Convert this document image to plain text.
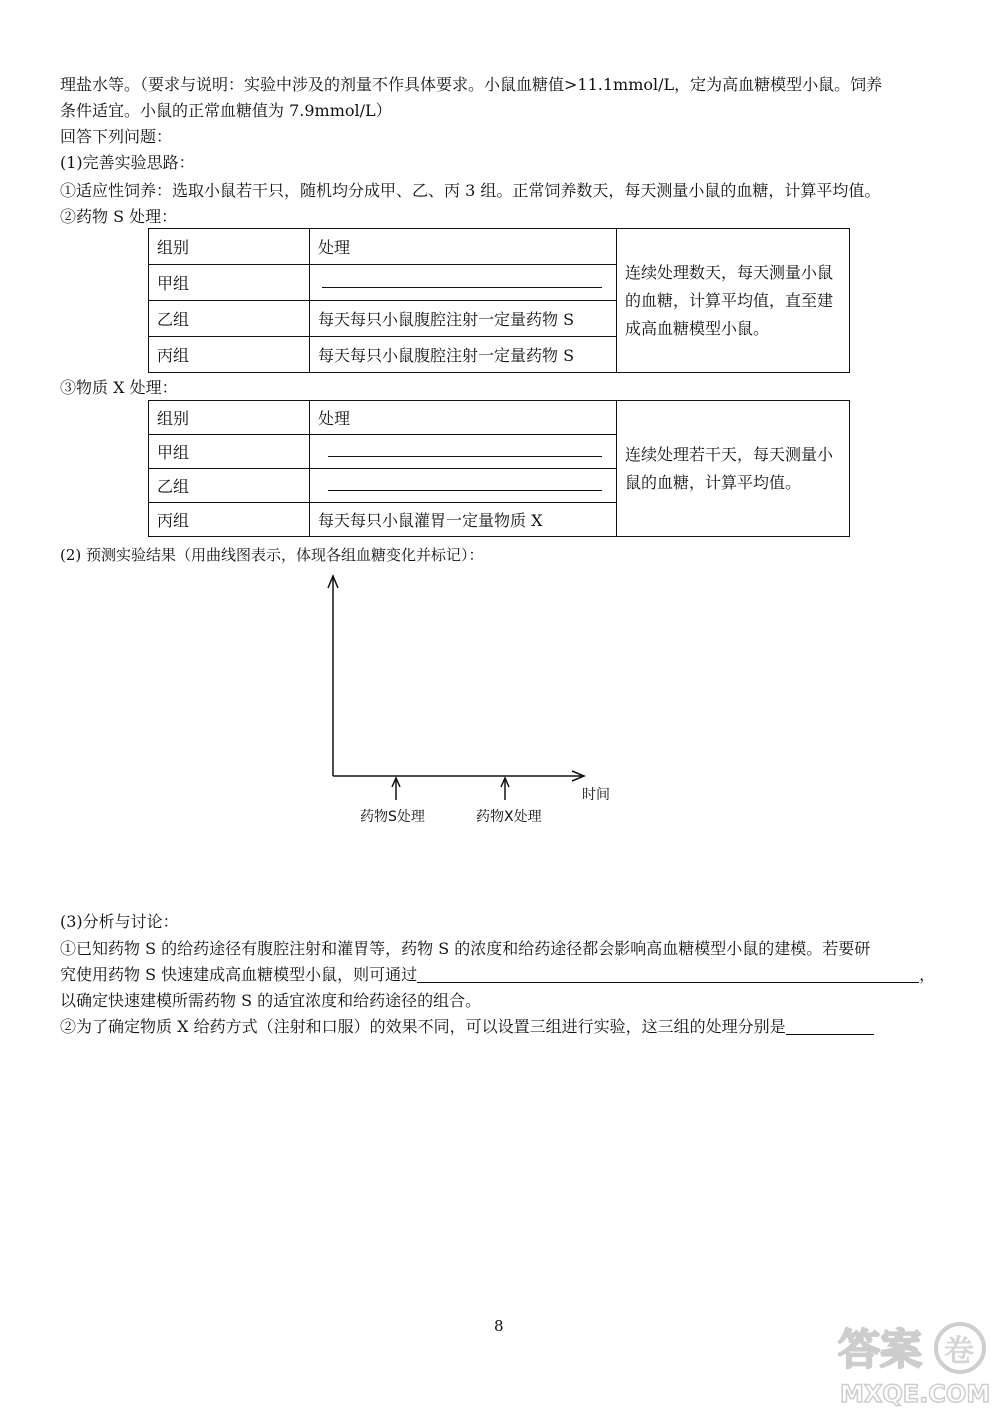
理盐水等。（要求与说明：实验中涉及的剂量不作具体要求。小鼠血糖值>11.1mmol/L，定为高血糖模型小鼠。饲养
条件适宜。小鼠的正常血糖值为 7.9mmol/L）
回答下列问题：
(1)完善实验思路：
①适应性饲养：选取小鼠若干只，随机均分成甲、乙、丙 3 组。正常饲养数天，每天测量小鼠的血糖，计算平均值。
②药物 S 处理：
组别	处理	连续处理数天，每天测量小鼠的血糖，计算平均值，直至建成高血糖模型小鼠。
甲组		

乙组	每天每只小鼠腹腔注射一定量药物 S	
丙组	每天每只小鼠腹腔注射一定量药物 S	
③物质 X 处理：
组别	处理	连续处理若干天，每天测量小鼠的血糖，计算平均值。
甲组		

乙组		

丙组	每天每只小鼠灌胃一定量物质 X	
(2) 预测实验结果（用曲线图表示，体现各组血糖变化并标记）：
时间
药物S处理	药物X处理
(3)分析与讨论：
①已知药物 S 的给药途径有腹腔注射和灌胃等，药物 S 的浓度和给药途径都会影响高血糖模型小鼠的建模。若要研
究使用药物 S 快速建成高血糖模型小鼠，则可通过	，
以确定快速建模所需药物 S 的适宜浓度和给药途径的组合。
②为了确定物质 X 给药方式（注射和口服）的效果不同，可以设置三组进行实验，这三组的处理分别是
8	答案 卷
MXQE.COM
